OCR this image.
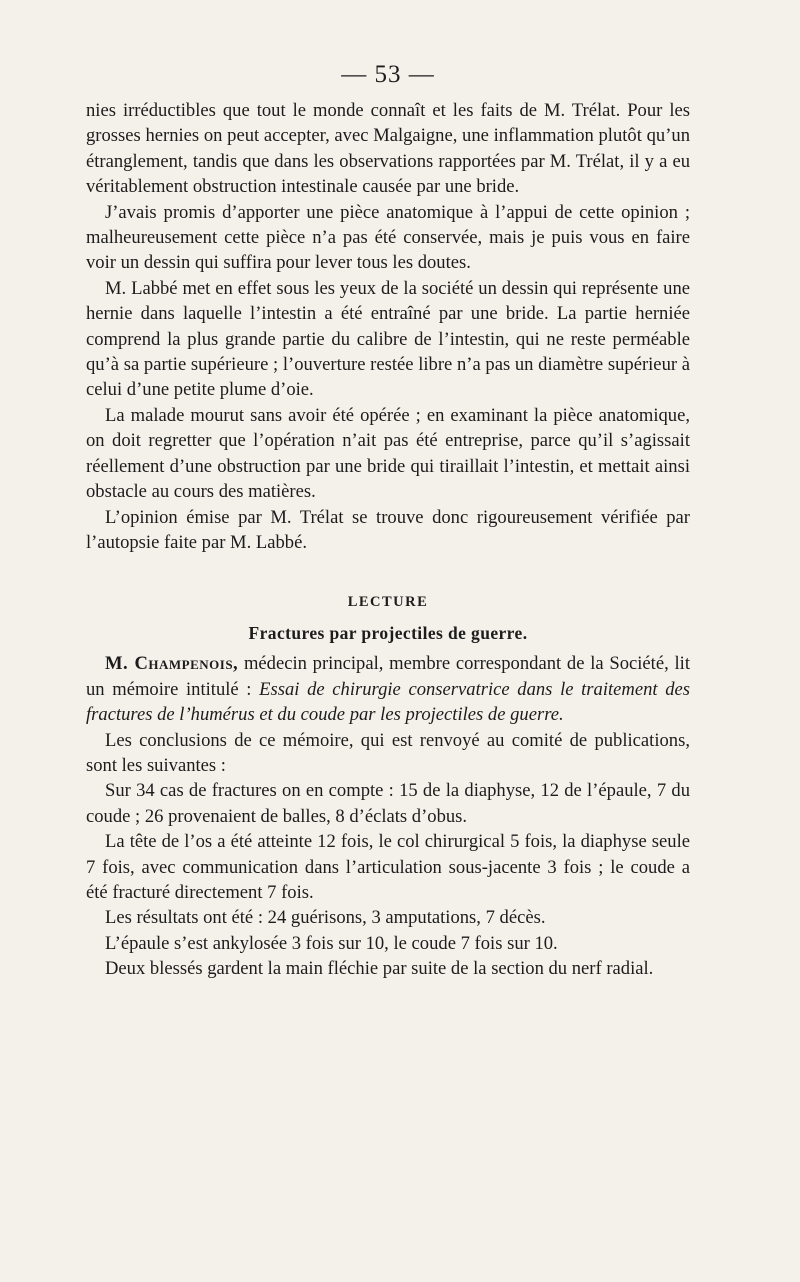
— 53 —

nies irréductibles que tout le monde connaît et les faits de M. Trélat. Pour les grosses hernies on peut accepter, avec Malgaigne, une inflammation plutôt qu’un étranglement, tandis que dans les observations rapportées par M. Trélat, il y a eu véritablement obstruction intestinale causée par une bride.

J’avais promis d’apporter une pièce anatomique à l’appui de cette opinion ; malheureusement cette pièce n’a pas été conservée, mais je puis vous en faire voir un dessin qui suffira pour lever tous les doutes.

M. Labbé met en effet sous les yeux de la société un dessin qui représente une hernie dans laquelle l’intestin a été entraîné par une bride. La partie herniée comprend la plus grande partie du calibre de l’intestin, qui ne reste perméable qu’à sa partie supérieure ; l’ouverture restée libre n’a pas un diamètre supérieur à celui d’une petite plume d’oie.

La malade mourut sans avoir été opérée ; en examinant la pièce anatomique, on doit regretter que l’opération n’ait pas été entreprise, parce qu’il s’agissait réellement d’une obstruction par une bride qui tiraillait l’intestin, et mettait ainsi obstacle au cours des matières.

L’opinion émise par M. Trélat se trouve donc rigoureusement vérifiée par l’autopsie faite par M. Labbé.

LECTURE

Fractures par projectiles de guerre.

M. Champenois, médecin principal, membre correspondant de la Société, lit un mémoire intitulé : Essai de chirurgie conservatrice dans le traitement des fractures de l’humérus et du coude par les projectiles de guerre.

Les conclusions de ce mémoire, qui est renvoyé au comité de publications, sont les suivantes :

Sur 34 cas de fractures on en compte : 15 de la diaphyse, 12 de l’épaule, 7 du coude ; 26 provenaient de balles, 8 d’éclats d’obus.

La tête de l’os a été atteinte 12 fois, le col chirurgical 5 fois, la diaphyse seule 7 fois, avec communication dans l’articulation sous-jacente 3 fois ; le coude a été fracturé directement 7 fois.

Les résultats ont été : 24 guérisons, 3 amputations, 7 décès.

L’épaule s’est ankylosée 3 fois sur 10, le coude 7 fois sur 10.

Deux blessés gardent la main fléchie par suite de la section du nerf radial.
